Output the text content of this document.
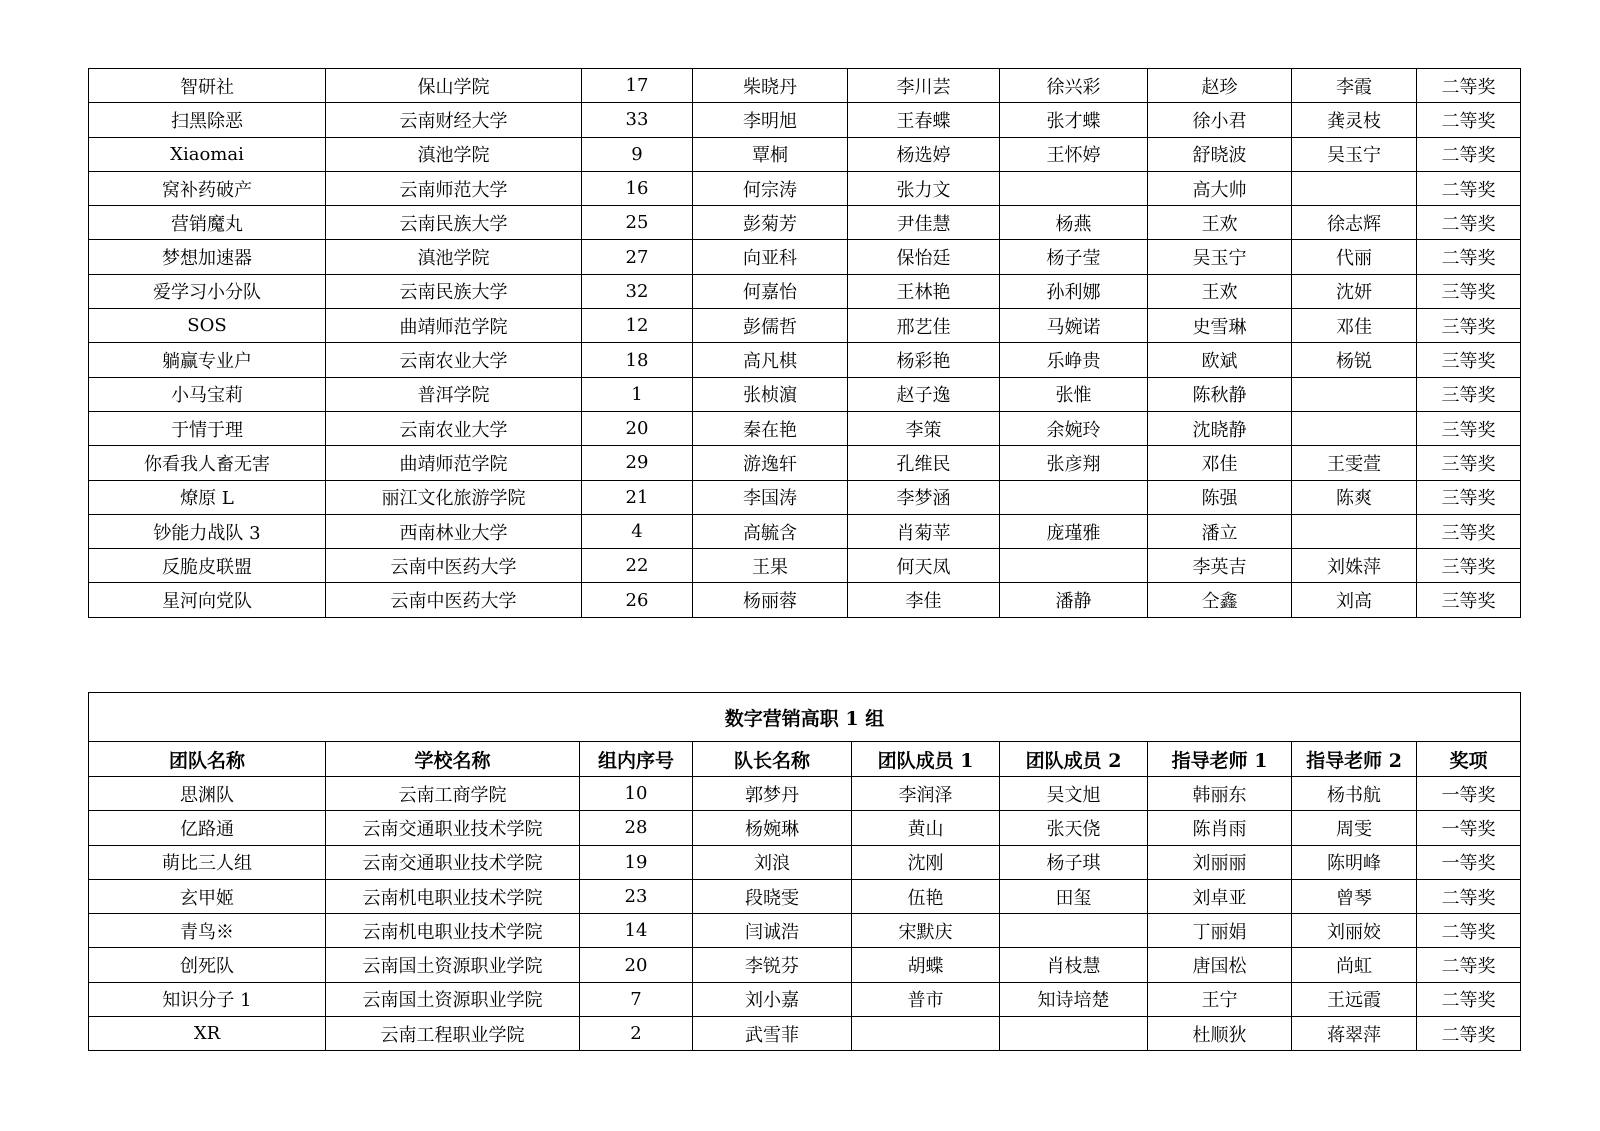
智研社	保山学院	17	柴晓丹	李川芸	徐兴彩	赵珍	李霞	二等奖
扫黑除恶	云南财经大学	33	李明旭	王春蝶	张才蝶	徐小君	龚灵枝	二等奖
Xiaomai	滇池学院	9	覃桐	杨选婷	王怀婷	舒晓波	吴玉宁	二等奖
窝补药破产	云南师范大学	16	何宗涛	张力文		高大帅		二等奖
营销魔丸	云南民族大学	25	彭菊芳	尹佳慧	杨燕	王欢	徐志辉	二等奖
梦想加速器	滇池学院	27	向亚科	保怡廷	杨子莹	吴玉宁	代丽	二等奖
爱学习小分队	云南民族大学	32	何嘉怡	王林艳	孙利娜	王欢	沈妍	三等奖
SOS	曲靖师范学院	12	彭儒哲	邢艺佳	马婉诺	史雪琳	邓佳	三等奖
躺赢专业户	云南农业大学	18	高凡棋	杨彩艳	乐峥贵	欧斌	杨锐	三等奖
小马宝莉	普洱学院	1	张桢濵	赵子逸	张惟	陈秋静		三等奖
于情于理	云南农业大学	20	秦在艳	李策	余婉玲	沈晓静		三等奖
你看我人畜无害	曲靖师范学院	29	游逸轩	孔维民	张彦翔	邓佳	王雯萱	三等奖
燎原 L	丽江文化旅游学院	21	李国涛	李梦涵		陈强	陈爽	三等奖
钞能力战队 3	西南林业大学	4	高毓含	肖菊苹	庞瑾雅	潘立		三等奖
反脆皮联盟	云南中医药大学	22	王果	何天凤		李英吉	刘姝萍	三等奖
星河向党队	云南中医药大学	26	杨丽蓉	李佳	潘静	仝鑫	刘高	三等奖
数字营销高职 1 组								
团队名称	学校名称	组内序号	队长名称	团队成员 1	团队成员 2	指导老师 1	指导老师 2	奖项
思渊队	云南工商学院	10	郭梦丹	李润泽	吴文旭	韩丽东	杨书航	一等奖
亿路通	云南交通职业技术学院	28	杨婉琳	黄山	张天侥	陈肖雨	周雯	一等奖
萌比三人组	云南交通职业技术学院	19	刘浪	沈刚	杨子琪	刘丽丽	陈明峰	一等奖
玄甲姬	云南机电职业技术学院	23	段晓雯	伍艳	田玺	刘卓亚	曾琴	二等奖
青鸟※	云南机电职业技术学院	14	闫诚浩	宋默庆		丁丽娟	刘丽姣	二等奖
创死队	云南国土资源职业学院	20	李锐芬	胡蝶	肖枝慧	唐国松	尚虹	二等奖
知识分子 1	云南国土资源职业学院	7	刘小嘉	普市	知诗培楚	王宁	王远霞	二等奖
XR	云南工程职业学院	2	武雪菲			杜顺狄	蒋翠萍	二等奖
